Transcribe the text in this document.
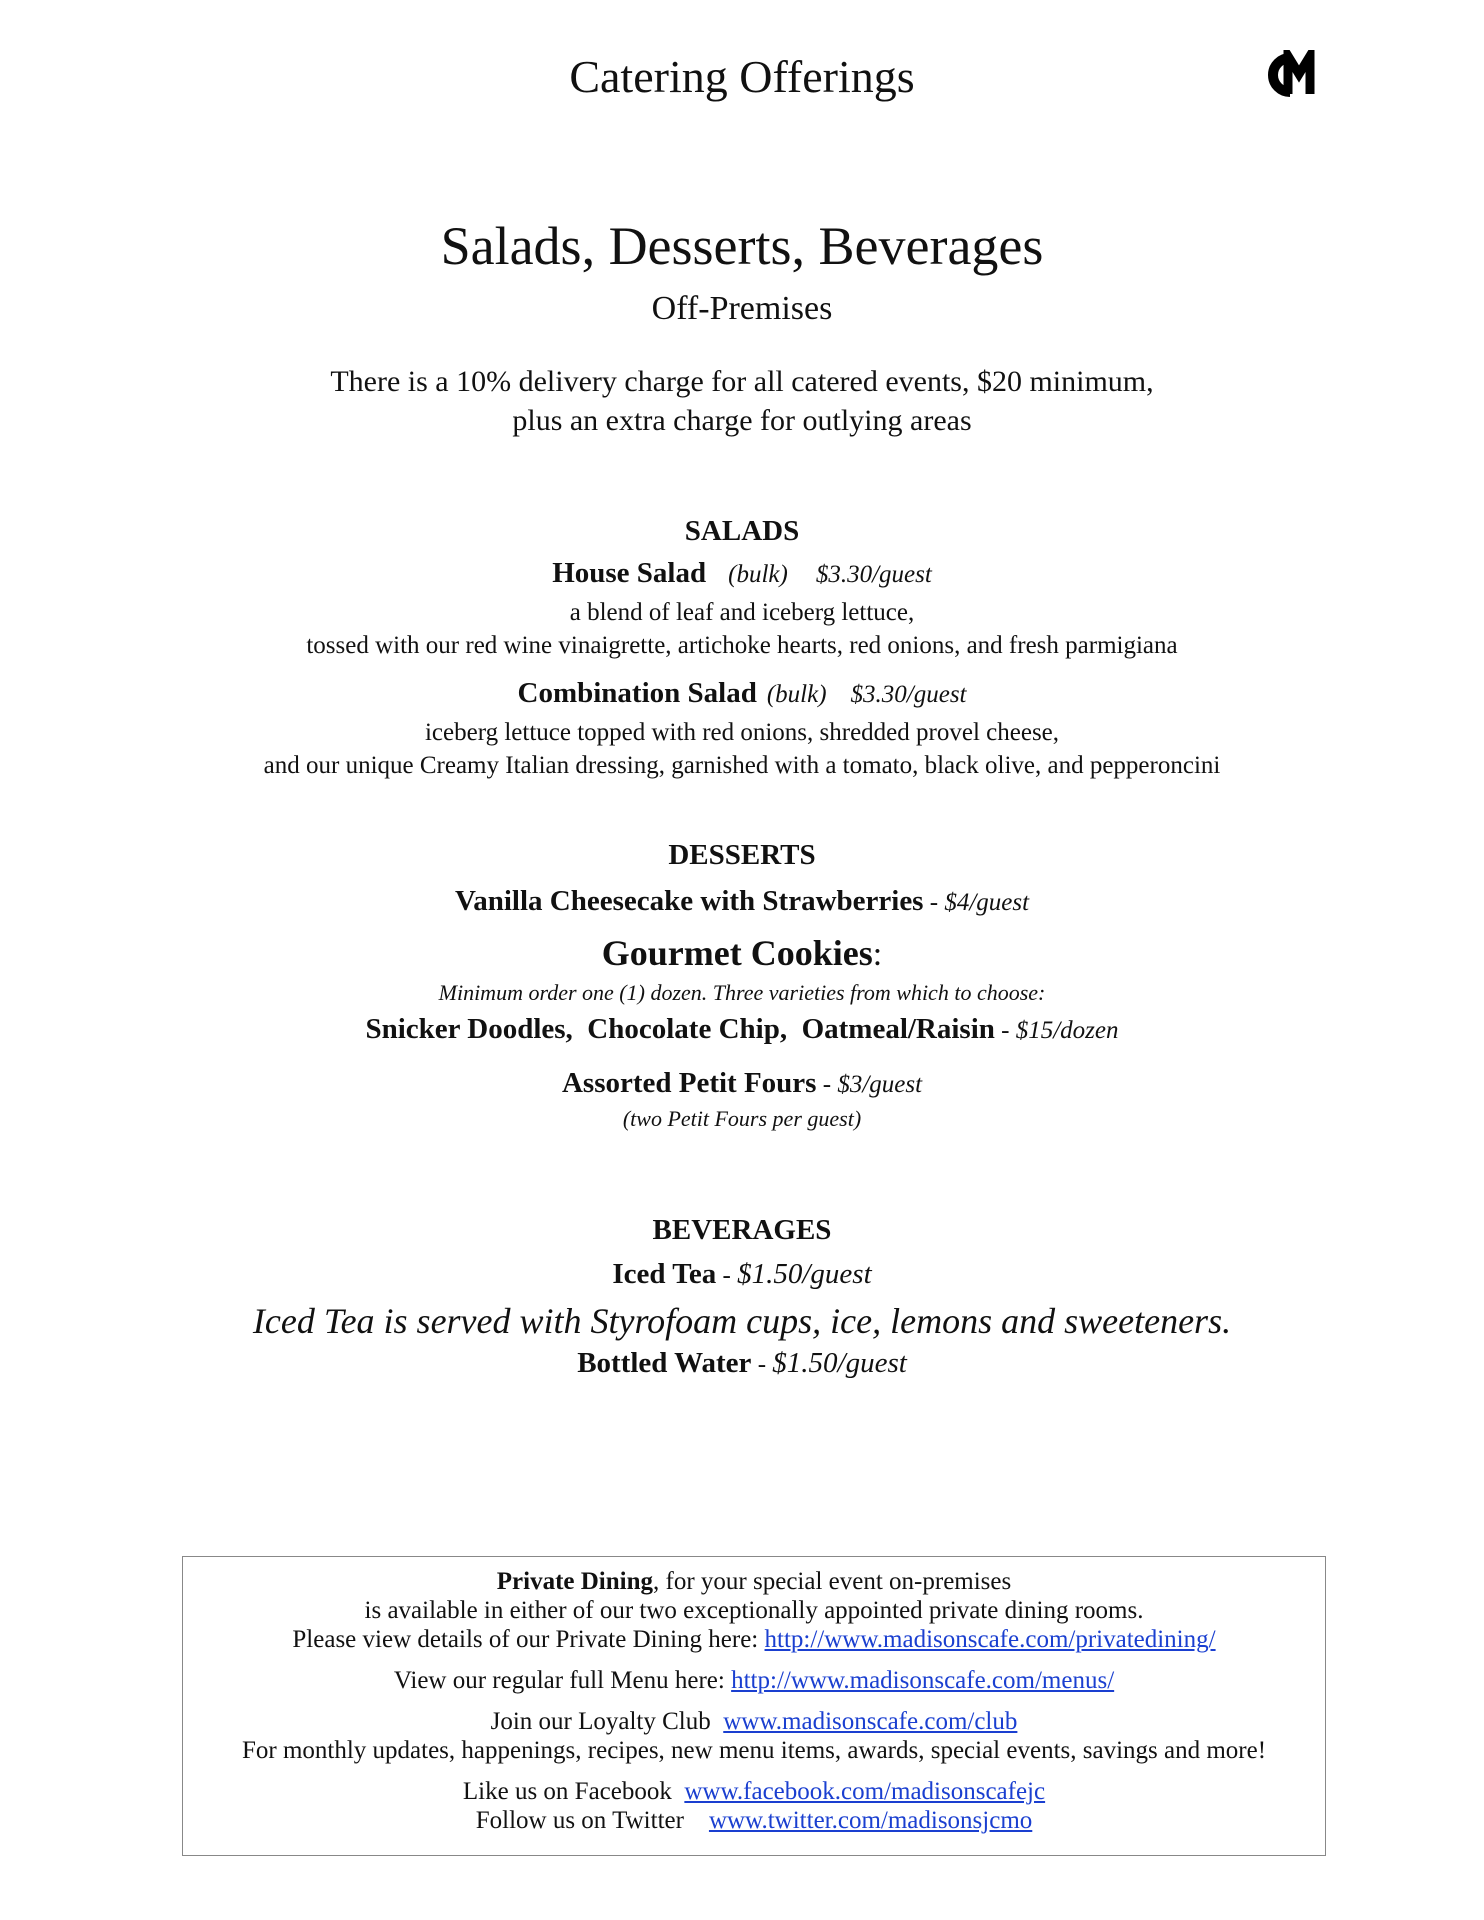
Catering Offerings
Salads, Desserts, Beverages
Off-Premises
There is a 10% delivery charge for all catered events, $20 minimum,
plus an extra charge for outlying areas
SALADS
House Salad (bulk) $3.30/guest
a blend of leaf and iceberg lettuce,
tossed with our red wine vinaigrette, artichoke hearts, red onions, and fresh parmigiana
Combination Salad (bulk) $3.30/guest
iceberg lettuce topped with red onions, shredded provel cheese,
and our unique Creamy Italian dressing, garnished with a tomato, black olive, and pepperoncini
DESSERTS
Vanilla Cheesecake with Strawberries - $4/guest
Gourmet Cookies:
Minimum order one (1) dozen. Three varieties from which to choose:
Snicker Doodles,  Chocolate Chip,  Oatmeal/Raisin - $15/dozen
Assorted Petit Fours - $3/guest
(two Petit Fours per guest)
BEVERAGES
Iced Tea - $1.50/guest
Iced Tea is served with Styrofoam cups, ice, lemons and sweeteners.
Bottled Water - $1.50/guest
Private Dining, for your special event on-premises
is available in either of our two exceptionally appointed private dining rooms.
Please view details of our Private Dining here: http://www.madisonscafe.com/privatedining/
View our regular full Menu here: http://www.madisonscafe.com/menus/
Join our Loyalty Club  www.madisonscafe.com/club
For monthly updates, happenings, recipes, new menu items, awards, special events, savings and more!
Like us on Facebook  www.facebook.com/madisonscafejc
Follow us on Twitter    www.twitter.com/madisonsjcmo
